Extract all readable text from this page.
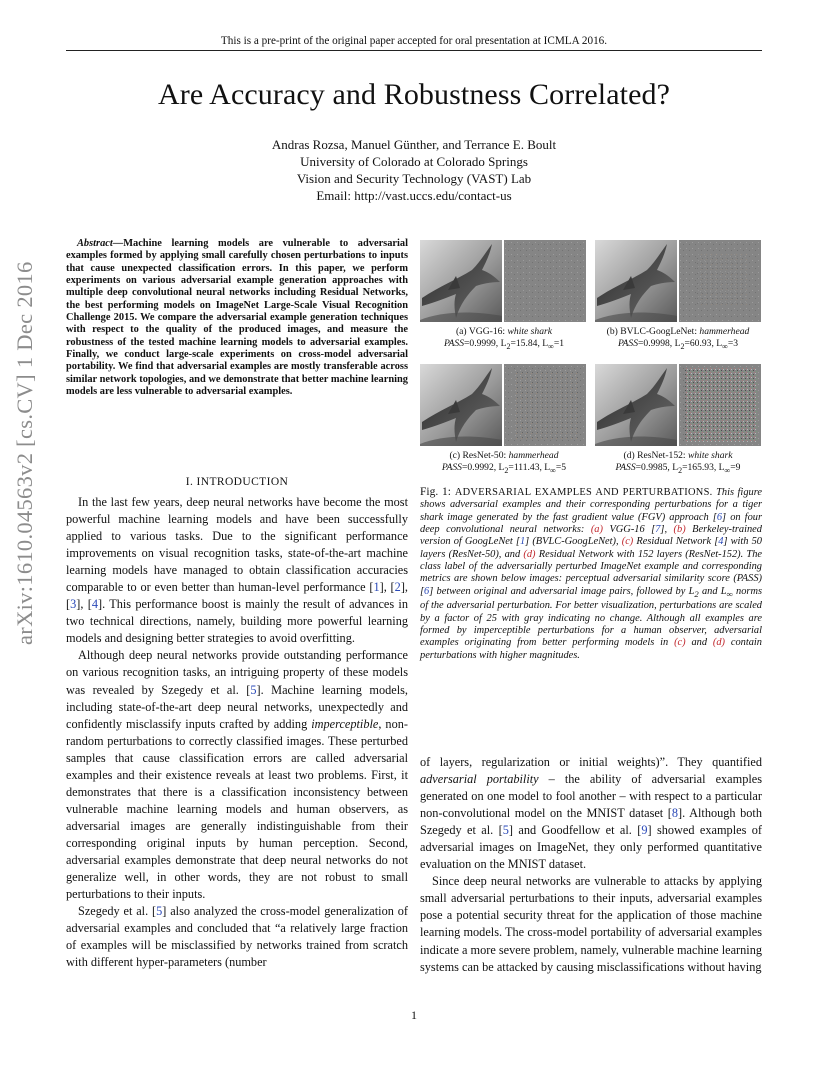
This is a pre-print of the original paper accepted for oral presentation at ICMLA 2016.
Are Accuracy and Robustness Correlated?
Andras Rozsa, Manuel Günther, and Terrance E. Boult
University of Colorado at Colorado Springs
Vision and Security Technology (VAST) Lab
Email: http://vast.uccs.edu/contact-us
arXiv:1610.04563v2 [cs.CV] 1 Dec 2016
Abstract—Machine learning models are vulnerable to adversarial examples formed by applying small carefully chosen perturbations to inputs that cause unexpected classification errors. In this paper, we perform experiments on various adversarial example generation approaches with multiple deep convolutional neural networks including Residual Networks, the best performing models on ImageNet Large-Scale Visual Recognition Challenge 2015. We compare the adversarial example generation techniques with respect to the quality of the produced images, and measure the robustness of the tested machine learning models to adversarial examples. Finally, we conduct large-scale experiments on cross-model adversarial portability. We find that adversarial examples are mostly transferable across similar network topologies, and we demonstrate that better machine learning models are less vulnerable to adversarial examples.
I. INTRODUCTION

In the last few years, deep neural networks have become the most powerful machine learning models and have been successfully applied to various tasks. Due to the significant performance improvements on visual recognition tasks, state-of-the-art machine learning models have managed to obtain classification accuracies comparable to or even better than human-level performance [1], [2], [3], [4]. This performance boost is mainly the result of advances in two technical directions, namely, building more powerful learning models and designing better strategies to avoid overfitting.

Although deep neural networks provide outstanding performance on various recognition tasks, an intriguing property of these models was revealed by Szegedy et al. [5]. Machine learning models, including state-of-the-art deep neural networks, unexpectedly and confidently misclassify inputs crafted by adding imperceptible, non-random perturbations to correctly classified images. These perturbed samples that cause classification errors are called adversarial examples and their existence reveals at least two problems. First, it demonstrates that there is a classification inconsistency between vulnerable machine learning models and human observers, as adversarial images are generally indistinguishable from their corresponding original inputs by human perception. Second, adversarial examples demonstrate that deep neural networks do not generalize well, in other words, they are not robust to small perturbations to their inputs.

Szegedy et al. [5] also analyzed the cross-model generalization of adversarial examples and concluded that “a relatively large fraction of examples will be misclassified by networks trained from scratch with different hyper-parameters (number

(a) VGG-16: white shark
PASS=0.9999, $L_2=15.84$, $L_\infty=1$
(b) BVLC-GoogLeNet: hammerhead
PASS=0.9998, $L_2=60.93$, $L_\infty=3$
(c) ResNet-50: hammerhead
PASS=0.9992, $L_2=111.43$, $L_\infty=5$
(d) ResNet-152: white shark
PASS=0.9985, $L_2=165.93$, $L_\infty=9$
Fig. 1: ADVERSARIAL EXAMPLES AND PERTURBATIONS. This figure shows adversarial examples and their corresponding perturbations for a tiger shark image generated by the fast gradient value (FGV) approach [6] on four deep convolutional neural networks: (a) VGG-16 [7], (b) Berkeley-trained version of GoogLeNet [1] (BVLC-GoogLeNet), (c) Residual Network [4] with 50 layers (ResNet-50), and (d) Residual Network with 152 layers (ResNet-152). The class label of the adversarially perturbed ImageNet example and corresponding metrics are shown below images: perceptual adversarial similarity score (PASS) [6] between original and adversarial image pairs, followed by $L_2$ and $L_\infty$ norms of the adversarial perturbation. For better visualization, perturbations are scaled by a factor of 25 with gray indicating no change. Although all examples are formed by imperceptible perturbations for a human observer, adversarial examples originating from better performing models in (c) and (d) contain perturbations with higher magnitudes.

of layers, regularization or initial weights)”. They quantified adversarial portability – the ability of adversarial examples generated on one model to fool another – with respect to a particular non-convolutional model on the MNIST dataset [8]. Although both Szegedy et al. [5] and Goodfellow et al. [9] showed examples of adversarial images on ImageNet, they only performed quantitative evaluation on the MNIST dataset.

Since deep neural networks are vulnerable to attacks by applying small adversarial perturbations to their inputs, adversarial examples pose a potential security threat for the application of those machine learning models. The cross-model portability of adversarial examples indicate a more severe problem, namely, vulnerable machine learning systems can be attacked by causing misclassifications without having

1
